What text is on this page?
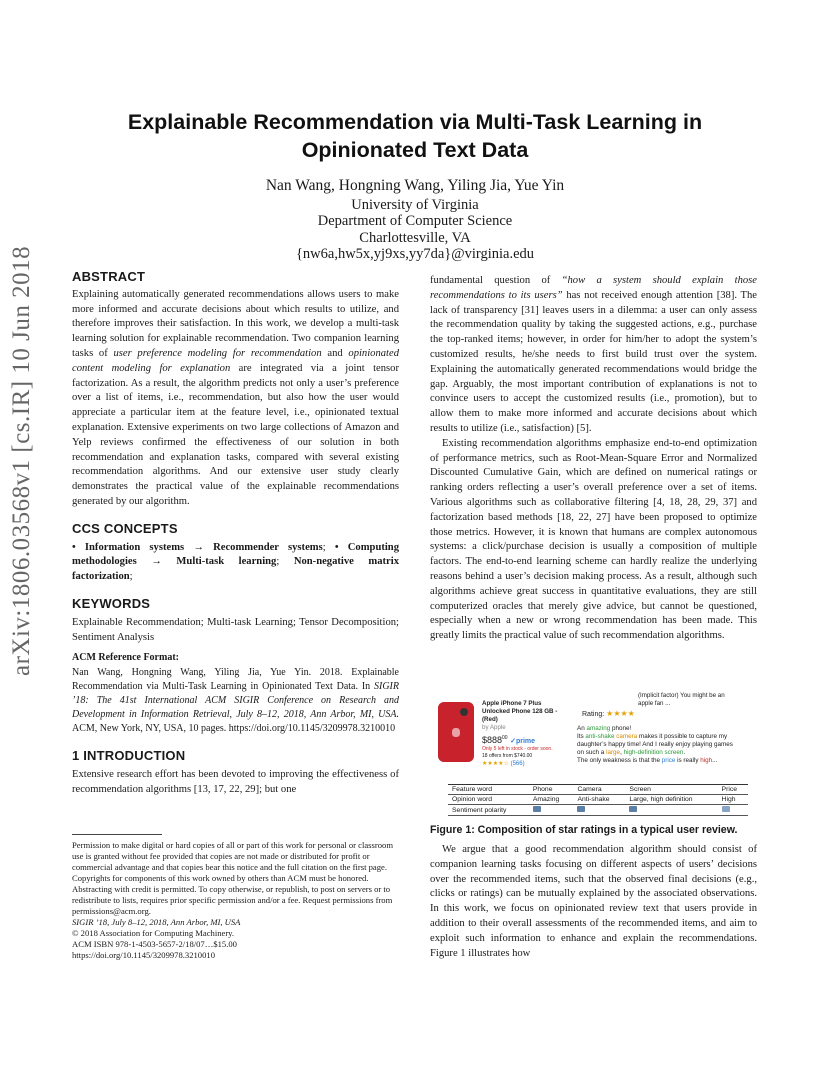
arXiv:1806.03568v1 [cs.IR] 10 Jun 2018
Explainable Recommendation via Multi-Task Learning in
Opinionated Text Data
Nan Wang, Hongning Wang, Yiling Jia, Yue Yin
University of Virginia
Department of Computer Science
Charlottesville, VA
{nw6a,hw5x,yj9xs,yy7da}@virginia.edu
ABSTRACT

Explaining automatically generated recommendations allows users to make more informed and accurate decisions about which results to utilize, and therefore improves their satisfaction. In this work, we develop a multi-task learning solution for explainable recommendation. Two companion learning tasks of user preference modeling for recommendation and opinionated content modeling for explanation are integrated via a joint tensor factorization. As a result, the algorithm predicts not only a user’s preference over a list of items, i.e., recommendation, but also how the user would appreciate a particular item at the feature level, i.e., opinionated textual explanation. Extensive experiments on two large collections of Amazon and Yelp reviews confirmed the effectiveness of our solution in both recommendation and explanation tasks, compared with several existing recommendation algorithms. And our extensive user study clearly demonstrates the practical value of the explainable recommendations generated by our algorithm.

CCS CONCEPTS

• Information systems → Recommender systems; • Computing methodologies → Multi-task learning; Non-negative matrix factorization;

KEYWORDS

Explainable Recommendation; Multi-task Learning; Tensor Decomposition; Sentiment Analysis

ACM Reference Format:

Nan Wang, Hongning Wang, Yiling Jia, Yue Yin. 2018. Explainable Recommendation via Multi-Task Learning in Opinionated Text Data. In SIGIR ’18: The 41st International ACM SIGIR Conference on Research and Development in Information Retrieval, July 8–12, 2018, Ann Arbor, MI, USA. ACM, New York, NY, USA, 10 pages. https://doi.org/10.1145/3209978.3210010

1 INTRODUCTION

Extensive research effort has been devoted to improving the effectiveness of recommendation algorithms [13, 17, 22, 29]; but one

Permission to make digital or hard copies of all or part of this work for personal or classroom use is granted without fee provided that copies are not made or distributed for profit or commercial advantage and that copies bear this notice and the full citation on the first page. Copyrights for components of this work owned by others than ACM must be honored. Abstracting with credit is permitted. To copy otherwise, or republish, to post on servers or to redistribute to lists, requires prior specific permission and/or a fee. Request permissions from permissions@acm.org.

SIGIR ’18, July 8–12, 2018, Ann Arbor, MI, USA

© 2018 Association for Computing Machinery.

ACM ISBN 978-1-4503-5657-2/18/07…$15.00

https://doi.org/10.1145/3209978.3210010

fundamental question of “how a system should explain those recommendations to its users” has not received enough attention [38]. The lack of transparency [31] leaves users in a dilemma: a user can only assess the recommendation quality by taking the suggested actions, e.g., purchase the top-ranked items; however, in order for him/her to adopt the system’s customized results, he/she needs to first build trust over the system. Explaining the automatically generated recommendations would bridge the gap. Arguably, the most important contribution of explanations is not to convince users to accept the customized results (i.e., promotion), but to allow them to make more informed and accurate decisions about which results to utilize (i.e., satisfaction) [5].

Existing recommendation algorithms emphasize end-to-end optimization of performance metrics, such as Root-Mean-Square Error and Normalized Discounted Cumulative Gain, which are defined on numerical ratings or ranking orders reflecting a user’s overall preference over a set of items. Various algorithms such as collaborative filtering [4, 18, 28, 29, 37] and factorization based methods [18, 22, 27] have been proposed to optimize those metrics. However, it is known that humans are complex autonomous systems: a click/purchase decision is usually a composition of multiple factors. The end-to-end learning scheme can hardly realize the underlying reasons behind a user’s decision making process. As a result, although such algorithms achieve great success in quantitative evaluations, they are still computerized oracles that merely give advice, but cannot be questioned, especially when a new or wrong recommendation has been made. This greatly limits the practical value of such recommendation algorithms.

Apple iPhone 7 Plus Unlocked Phone 128 GB - (Red)
by Apple
$\$888^{00}$ ✓prime
Only 5 left in stock - order soon.
18 offers from $740.00
★★★★☆ (566)
(Implicit factor) You might be an apple fan ...
Rating: ★★★★
An amazing phone!
Its anti-shake camera makes it possible to capture my
daughter’s happy time! And I really enjoy playing games
on such a large, high-definition screen.
The only weakness is that the price is really high...
Feature word	Phone	Camera	Screen	Price
Opinion word	Amazing	Anti-shake	Large, high definition	High
Sentiment polarity				
Figure 1: Composition of star ratings in a typical user review.

We argue that a good recommendation algorithm should consist of companion learning tasks focusing on different aspects of users’ decisions over the recommended items, such that the observed final decisions (e.g., clicks or ratings) can be mutually explained by the associated observations. In this work, we focus on opinionated review text that users provide in addition to their overall assessments of the recommended items, and aim to exploit such information to enhance and explain the recommendations. Figure 1 illustrates how
